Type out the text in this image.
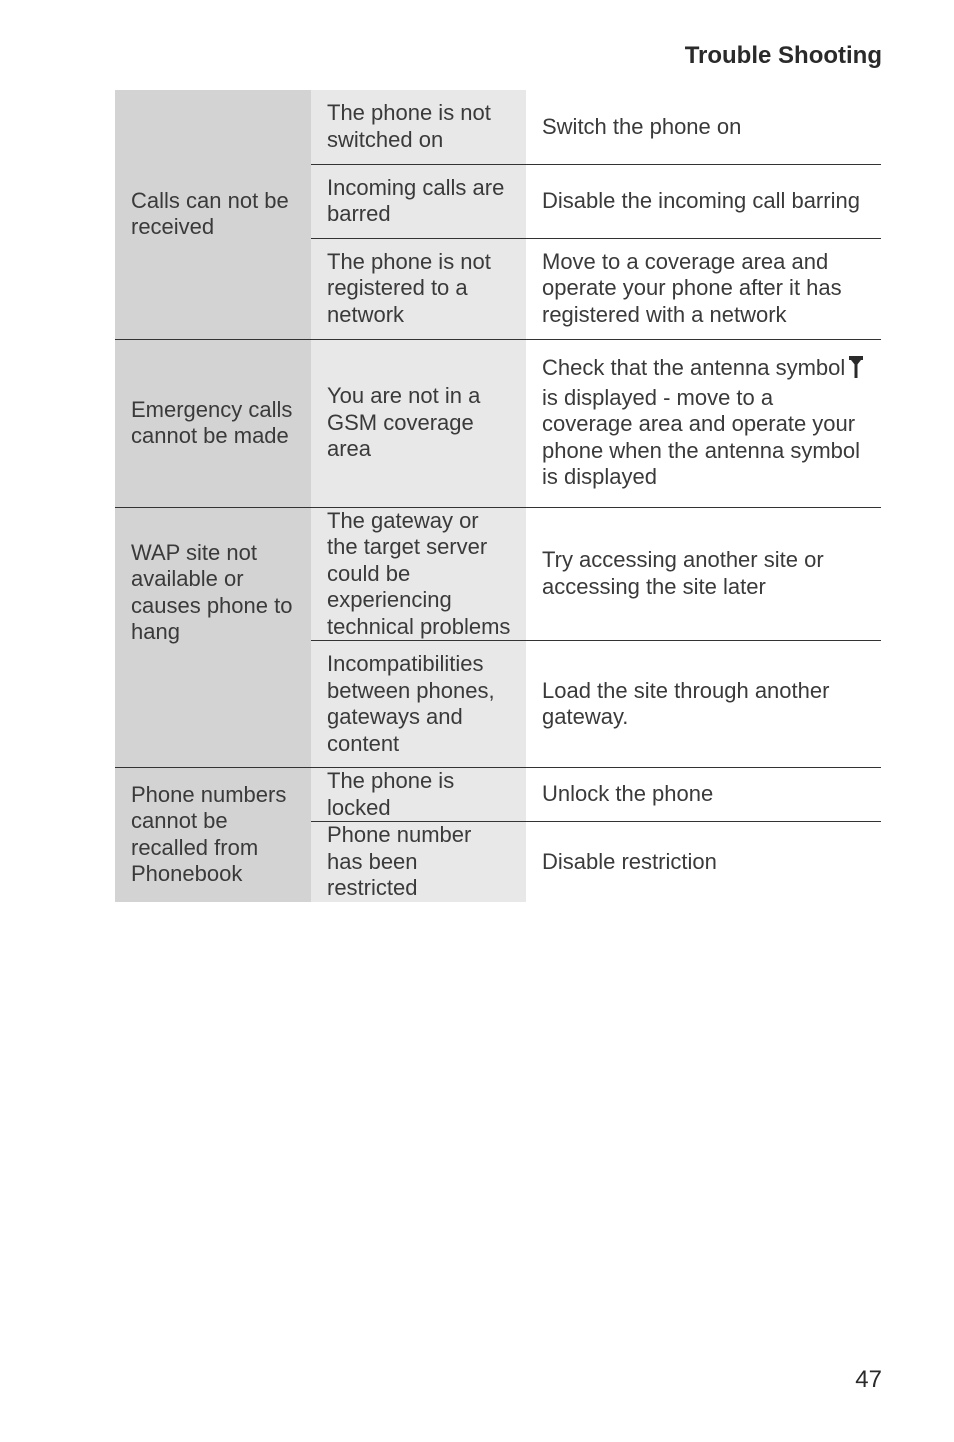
Trouble Shooting
Calls can not be received	The phone is not switched on	Switch the phone on
	Incoming calls are barred	Disable the incoming call barring
	The phone is not registered to a network	Move to a coverage area and operate your phone after it has registered with a network
Emergency calls cannot be made	You are not in a GSM coverage area	Check that the antenna symbol
is displayed - move to a coverage area and operate your phone when the antenna symbol is displayed
WAP site not available or causes phone to hang	The gateway or the target server could be experiencing technical problems	Try accessing another site or accessing the site later
	Incompatibilities between phones, gateways and content	Load the site through another gateway.
Phone numbers cannot be recalled from Phonebook	The phone is locked	Unlock the phone
	Phone number has been restricted	Disable restriction

47
